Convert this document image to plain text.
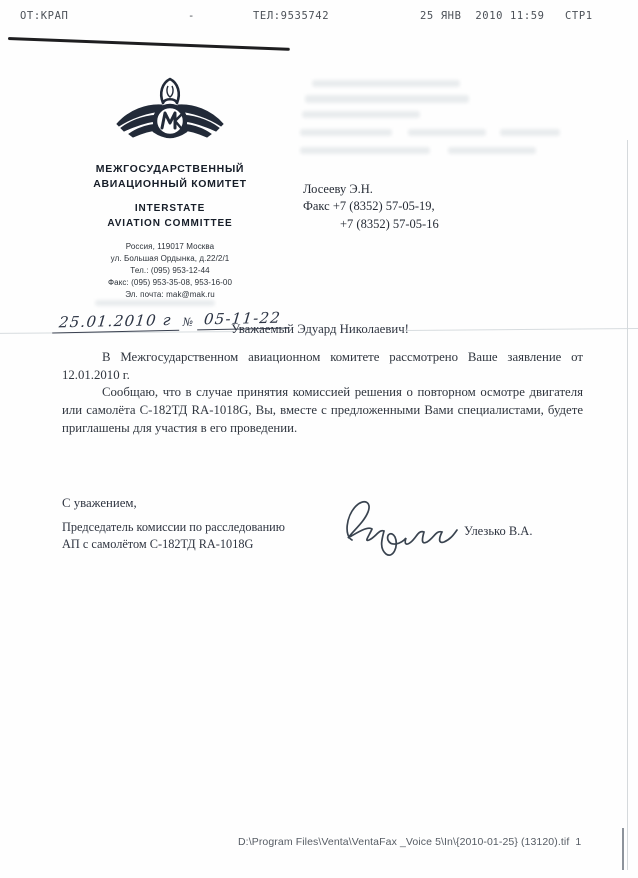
ОТ:КРАП	-	ТЕЛ:9535742	25 ЯНВ  2010 11:59 СТР1
МЕЖГОСУДАРСТВЕННЫЙ
АВИАЦИОННЫЙ КОМИТЕТ
INTERSTATE
AVIATION COMMITTEE
Россия, 119017 Москва
ул. Большая Ордынка, д.22/2/1
Тел.: (095) 953-12-44
Факс: (095) 953-35-08, 953-16-00
Эл. почта: mak@mak.ru
25.01.2010 г № 05-11-22
Лосееву Э.Н.
Факс +7 (8352) 57-05-19,
+7 (8352) 57-05-16
Уважаемый Эдуард Николаевич!

В Межгосударственном авиационном комитете рассмотрено Ваше заявление от 12.01.2010 г.

Сообщаю, что в случае принятия комиссией решения о повторном осмотре двигателя или самолёта С-182ТД RA-1018G, Вы, вместе с предложенными Вами специалистами, будете приглашены для участия в его проведении.

С уважением,
Председатель комиссии по расследованию
АП с самолётом С-182ТД RA-1018G
Улезько В.А.
D:\Program Files\Venta\VentaFax _Voice 5\In\{2010-01-25} (13120).tif  1
